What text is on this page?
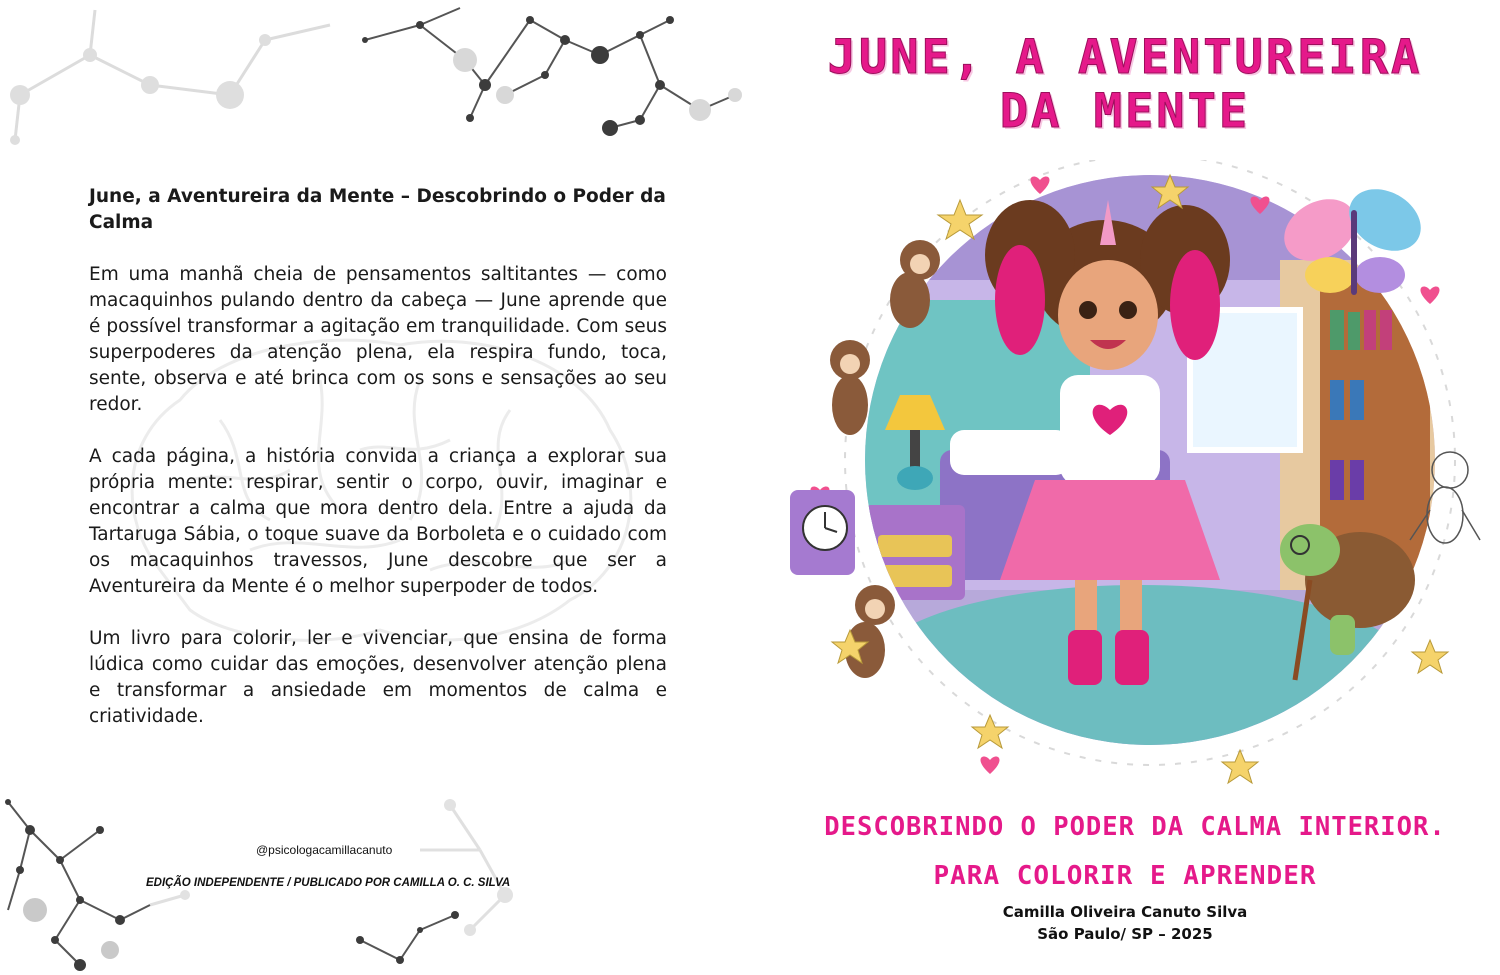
June, a Aventureira da Mente – Descobrindo o Poder da Calma

Em uma manhã cheia de pensamentos saltitantes — como macaquinhos pulando dentro da cabeça — June aprende que é possível transformar a agitação em tranquilidade. Com seus superpoderes da atenção plena, ela respira fundo, toca, sente, observa e até brinca com os sons e sensações ao seu redor.

A cada página, a história convida a criança a explorar sua própria mente: respirar, sentir o corpo, ouvir, imaginar e encontrar a calma que mora dentro dela. Entre a ajuda da Tartaruga Sábia, o toque suave da Borboleta e o cuidado com os macaquinhos travessos, June descobre que ser a Aventureira da Mente é o melhor superpoder de todos.

Um livro para colorir, ler e vivenciar, que ensina de forma lúdica como cuidar das emoções, desenvolver atenção plena e transformar a ansiedade em momentos de calma e criatividade.

@psicologacamillacanuto
EDIÇÃO INDEPENDENTE / PUBLICADO POR CAMILLA O. C. SILVA
JUNE, A AVENTUREIRA
DA MENTE
DESCOBRINDO O PODER DA CALMA INTERIOR.
PARA COLORIR E APRENDER
Camilla Oliveira Canuto Silva
São Paulo/ SP – 2025
